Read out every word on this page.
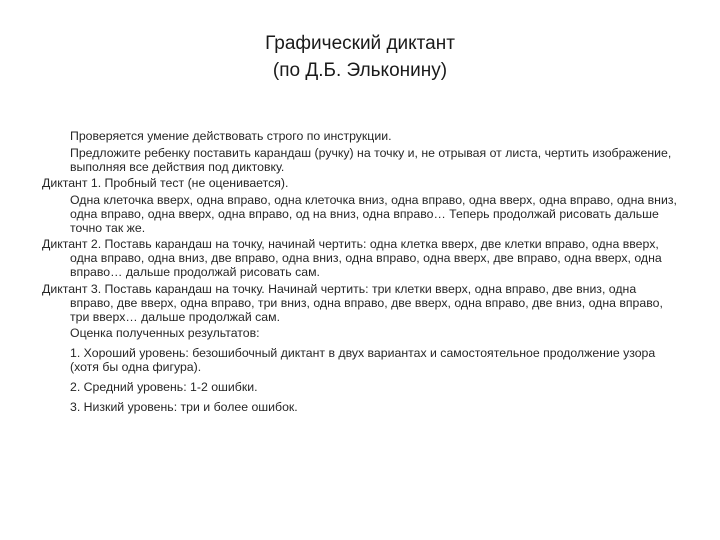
Графический диктант
(по Д.Б. Эльконину)

Проверяется умение действовать строго по инструкции.

Предложите ребенку поставить карандаш (ручку) на точку и, не отрывая от листа, чертить изображение, выполняя все действия под диктовку.

Диктант 1. Пробный тест (не оценивается).

Одна клеточка вверх, одна вправо, одна клеточка вниз, одна вправо, одна вверх, одна вправо, одна вниз, одна вправо, одна вверх, одна вправо, од на вниз, одна вправо… Теперь продолжай рисовать дальше точно так же.

Диктант 2. Поставь карандаш на точку, начинай чертить: одна клетка вверх, две клетки вправо, одна вверх, одна вправо, одна вниз, две вправо, одна вниз, одна вправо, одна вверх, две вправо, одна вверх, одна вправо… дальше продолжай рисовать сам.

Диктант 3. Поставь карандаш на точку. Начинай чертить: три клетки вверх, одна вправо, две вниз, одна вправо, две вверх, одна вправо, три вниз, одна вправо, две вверх, одна вправо, две вниз, одна вправо, три вверх… дальше продолжай сам.

Оценка полученных результатов:

1. Хороший уровень: безошибочный диктант в двух вариантах и самостоятельное продолжение узора (хотя бы одна фигура).

2. Средний уровень: 1-2 ошибки.

3. Низкий уровень: три и более ошибок.
